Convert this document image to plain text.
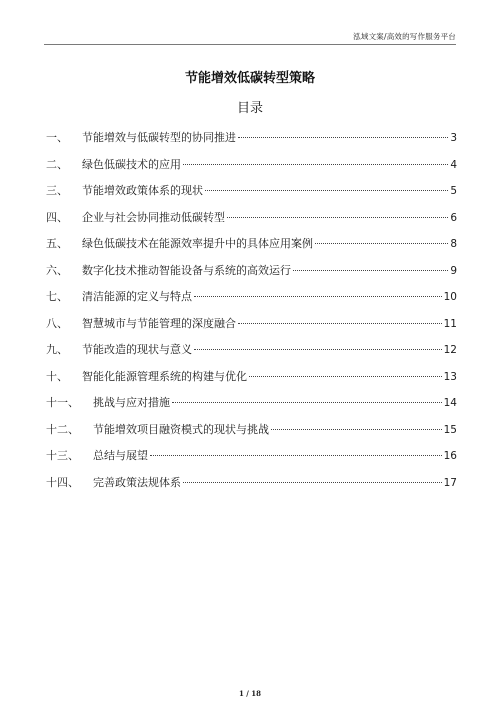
泓域文案/高效的写作服务平台
节能增效低碳转型策略
目录
一、	节能增效与低碳转型的协同推进	3
二、	绿色低碳技术的应用	4
三、	节能增效政策体系的现状	5
四、	企业与社会协同推动低碳转型	6
五、	绿色低碳技术在能源效率提升中的具体应用案例	8
六、	数字化技术推动智能设备与系统的高效运行	9
七、	清洁能源的定义与特点	10
八、	智慧城市与节能管理的深度融合	11
九、	节能改造的现状与意义	12
十、	智能化能源管理系统的构建与优化	13
十一、	挑战与应对措施	14
十二、	节能增效项目融资模式的现状与挑战	15
十三、	总结与展望	16
十四、	完善政策法规体系	17
1 / 18
